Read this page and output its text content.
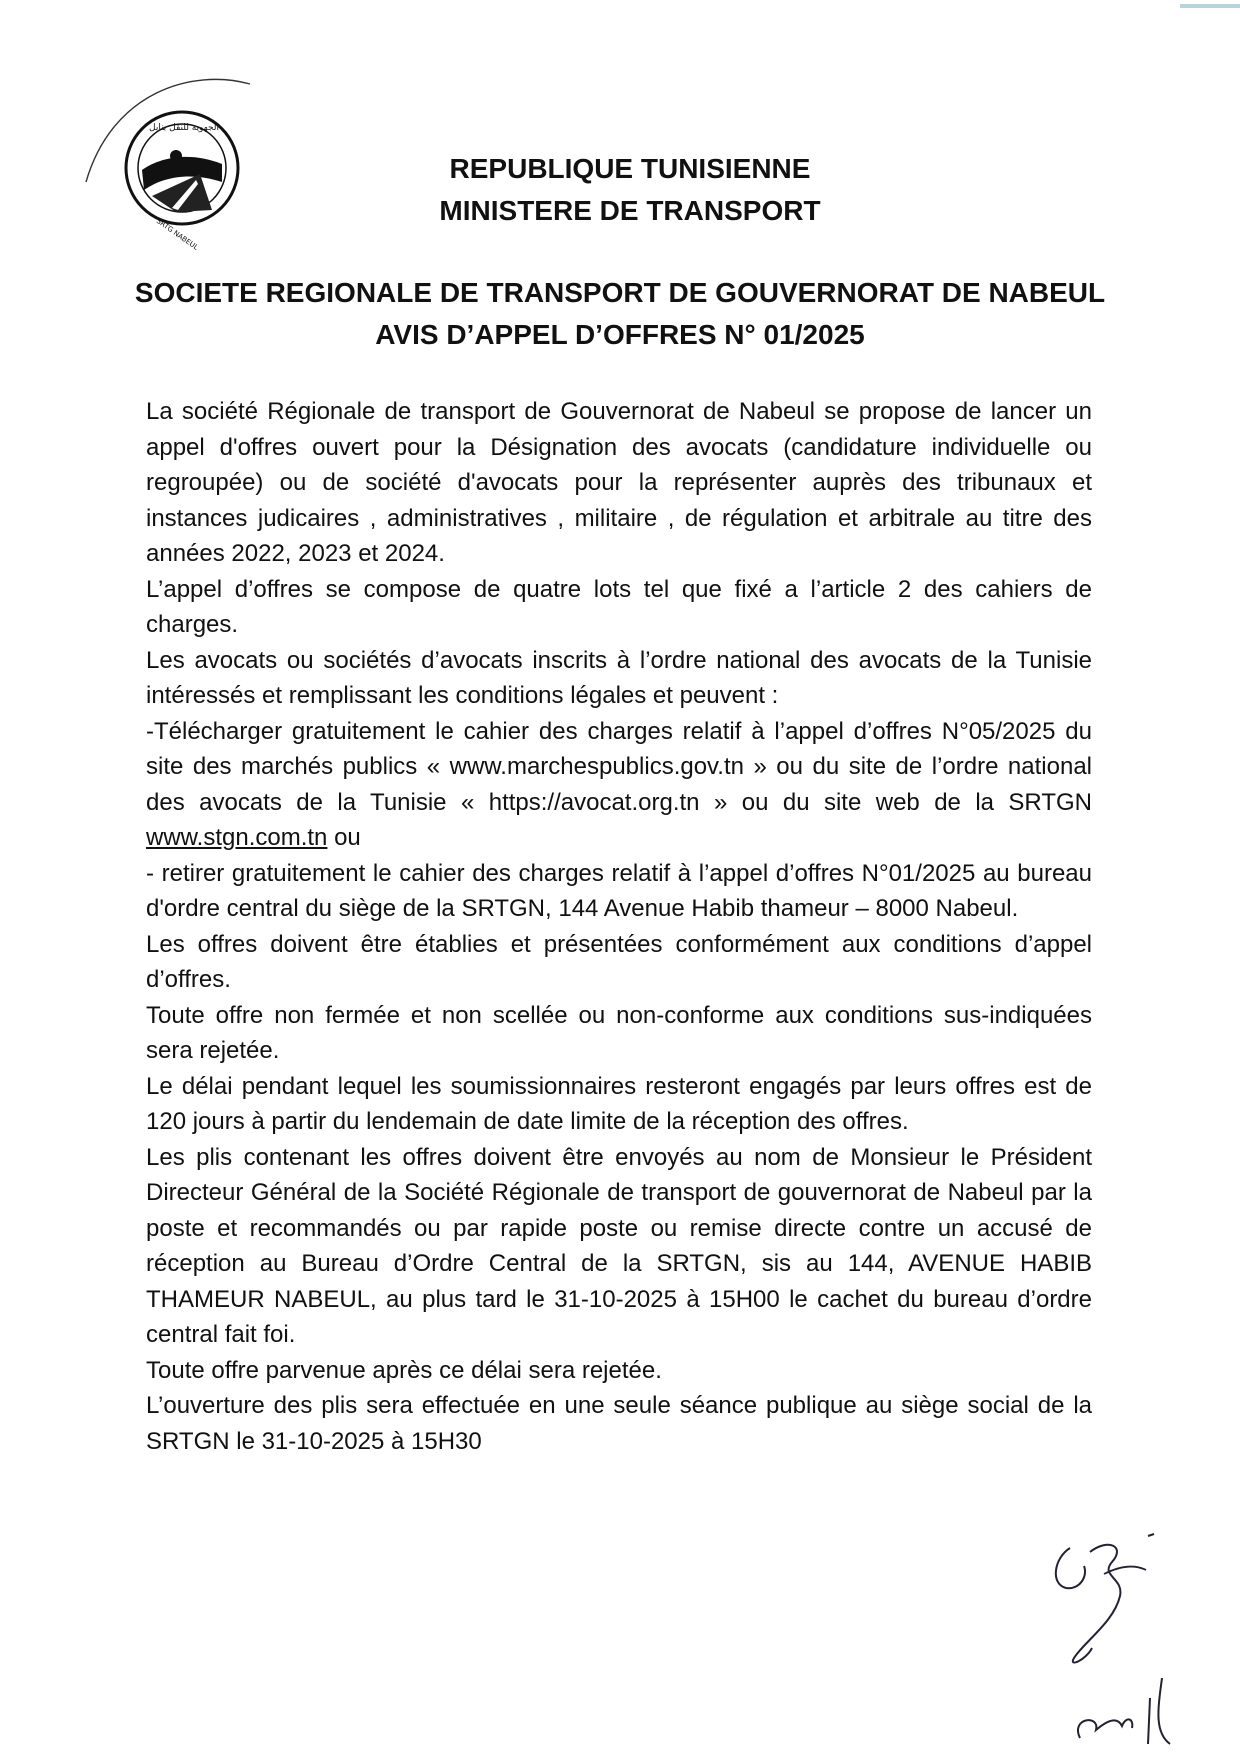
الجهوية للنقل بنابل
SRTG NABEUL
REPUBLIQUE TUNISIENNE
MINISTERE DE TRANSPORT
SOCIETE REGIONALE DE TRANSPORT DE GOUVERNORAT DE NABEUL
AVIS D’APPEL D’OFFRES N° 01/2025

La société Régionale de transport de Gouvernorat de Nabeul se propose de lancer un appel d'offres ouvert pour la Désignation des avocats (candidature individuelle ou regroupée) ou de société d'avocats pour la représenter auprès des tribunaux et instances judicaires , administratives , militaire , de régulation et arbitrale au titre des années 2022, 2023 et 2024.

L’appel d’offres se compose de quatre lots tel que fixé a l’article 2 des cahiers de charges.

Les avocats ou sociétés d’avocats inscrits à l’ordre national des avocats de la Tunisie intéressés et remplissant les conditions légales et peuvent :

-Télécharger gratuitement le cahier des charges relatif à l’appel d’offres N°05/2025 du site des marchés publics « www.marchespublics.gov.tn » ou du site de l’ordre national des avocats de la Tunisie « https://avocat.org.tn » ou du site web de la SRTGN www.stgn.com.tn ou

- retirer gratuitement le cahier des charges relatif à l’appel d’offres N°01/2025 au bureau d'ordre central du siège de la SRTGN, 144 Avenue Habib thameur – 8000 Nabeul.

Les offres doivent être établies et présentées conformément aux conditions d’appel d’offres.

Toute offre non fermée et non scellée ou non-conforme aux conditions sus-indiquées sera rejetée.

Le délai pendant lequel les soumissionnaires resteront engagés par leurs offres est de 120 jours à partir du lendemain de date limite de la réception des offres.

Les plis contenant les offres doivent être envoyés au nom de Monsieur le Président Directeur Général de la Société Régionale de transport de gouvernorat de Nabeul par la poste et recommandés ou par rapide poste ou remise directe contre un accusé de réception au Bureau d’Ordre Central de la SRTGN, sis au 144, AVENUE HABIB THAMEUR NABEUL, au plus tard le 31-10-2025 à 15H00 le cachet du bureau d’ordre central fait foi.

Toute offre parvenue après ce délai sera rejetée.

L’ouverture des plis sera effectuée en une seule séance publique au siège social de la SRTGN le 31-10-2025 à 15H30
